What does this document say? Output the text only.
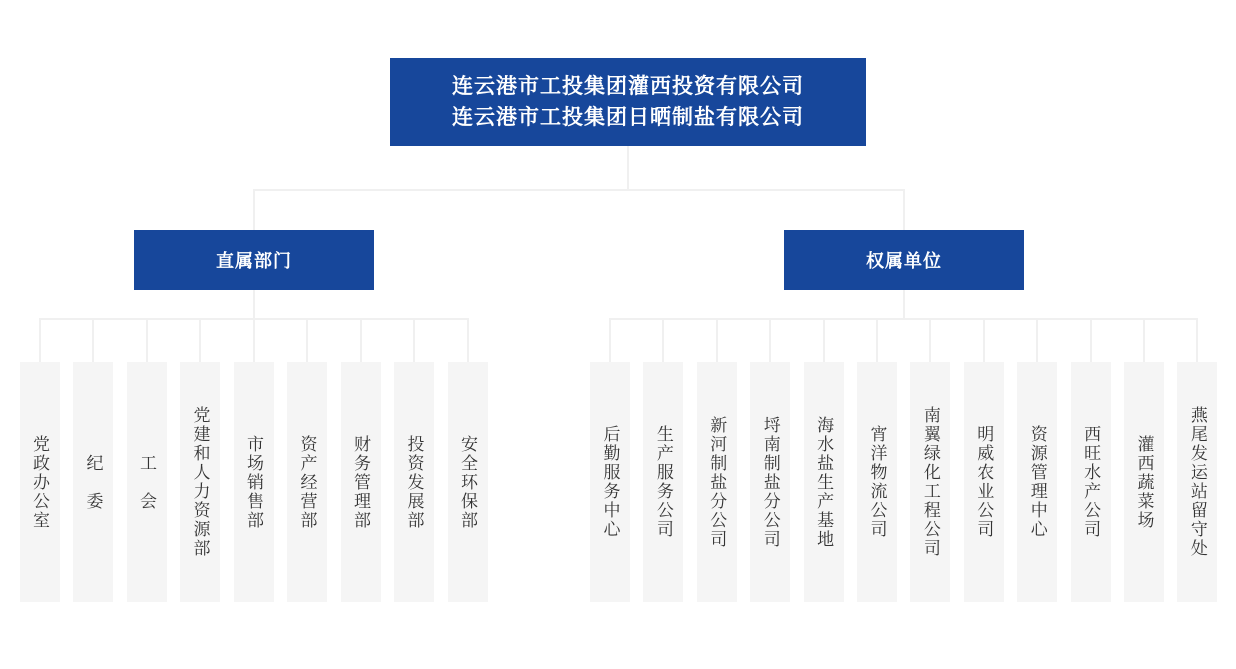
连云港市工投集团灌西投资有限公司
连云港市工投集团日晒制盐有限公司
直属部门	权属单位
党政办公室 纪　委 工　会 党建和人力资源部 市场销售部 资产经营部 财务管理部 投资发展部 安全环保部	后勤服务中心 生产服务公司 新河制盐分公司 埒南制盐分公司 海水盐生产基地 宵洋物流公司 南翼绿化工程公司 明威农业公司 资源管理中心 西旺水产公司 灌西蔬菜场 燕尾发运站留守处
